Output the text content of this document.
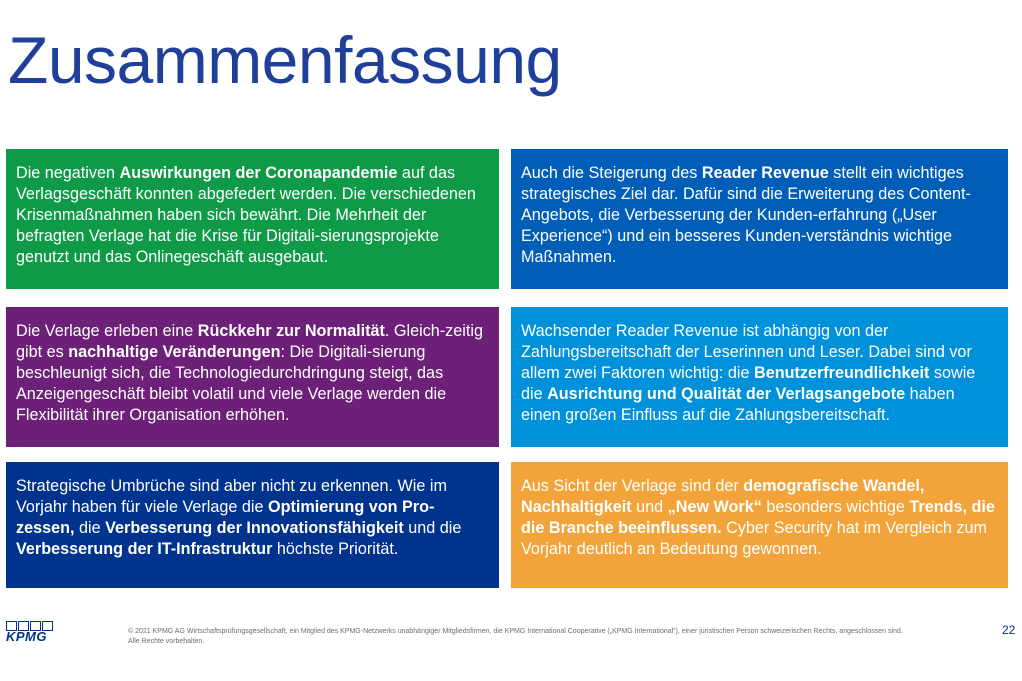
Zusammenfassung
Die negativen Auswirkungen der Coronapandemie auf das Verlagsgeschäft konnten abgefedert werden. Die verschiedenen Krisenmaßnahmen haben sich bewährt. Die Mehrheit der befragten Verlage hat die Krise für Digitali-sierungsprojekte genutzt und das Onlinegeschäft ausgebaut.
Auch die Steigerung des Reader Revenue stellt ein wichtiges strategisches Ziel dar. Dafür sind die Erweiterung des Content-Angebots, die Verbesserung der Kunden-erfahrung („User Experience“) und ein besseres Kunden-verständnis wichtige Maßnahmen.
Die Verlage erleben eine Rückkehr zur Normalität. Gleich-zeitig gibt es nachhaltige Veränderungen: Die Digitali-sierung beschleunigt sich, die Technologiedurchdringung steigt, das Anzeigengeschäft bleibt volatil und viele Verlage werden die Flexibilität ihrer Organisation erhöhen.
Wachsender Reader Revenue ist abhängig von der Zahlungsbereitschaft der Leserinnen und Leser. Dabei sind vor allem zwei Faktoren wichtig: die Benutzerfreundlichkeit sowie die Ausrichtung und Qualität der Verlagsangebote haben einen großen Einfluss auf die Zahlungsbereitschaft.
Strategische Umbrüche sind aber nicht zu erkennen. Wie im Vorjahr haben für viele Verlage die Optimierung von Pro-zessen, die Verbesserung der Innovationsfähigkeit und die Verbesserung der IT-Infrastruktur höchste Priorität.
Aus Sicht der Verlage sind der demografische Wandel, Nachhaltigkeit und „New Work“ besonders wichtige Trends, die die Branche beeinflussen. Cyber Security hat im Vergleich zum Vorjahr deutlich an Bedeutung gewonnen.
KPMG	© 2021 KPMG AG Wirtschaftsprüfungsgesellschaft, ein Mitglied des KPMG-Netzwerks unabhängiger Mitgliedsfirmen, die KPMG International Cooperative („KPMG International“), einer juristischen Person schweizerischen Rechts, angeschlossen sind. Alle Rechte vorbehalten.
22
